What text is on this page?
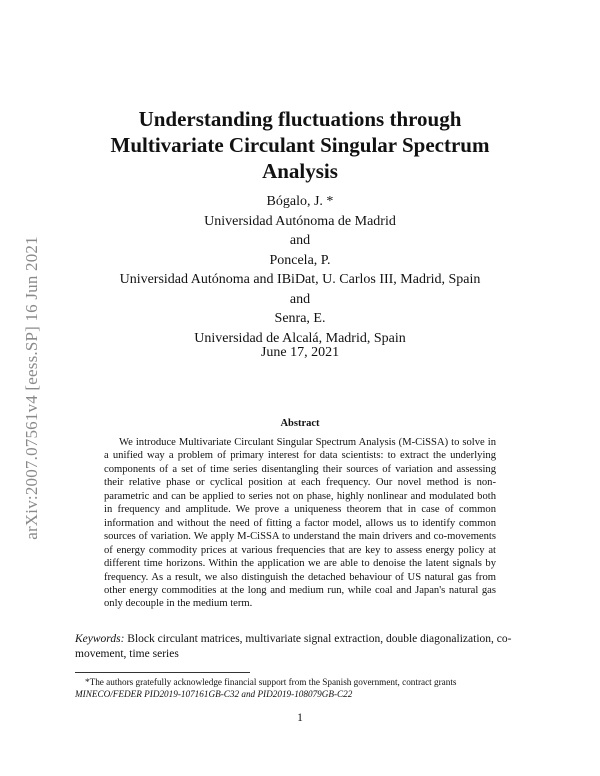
arXiv:2007.07561v4 [eess.SP] 16 Jun 2021
Understanding fluctuations through
Multivariate Circulant Singular Spectrum
Analysis
Bógalo, J. *
Universidad Autónoma de Madrid
and
Poncela, P.
Universidad Autónoma and IBiDat, U. Carlos III, Madrid, Spain
and
Senra, E.
Universidad de Alcalá, Madrid, Spain
June 17, 2021
Abstract

We introduce Multivariate Circulant Singular Spectrum Analysis (M-CiSSA) to solve in a unified way a problem of primary interest for data scientists: to extract the underlying components of a set of time series disentangling their sources of variation and assessing their relative phase or cyclical position at each frequency. Our novel method is non-parametric and can be applied to series not on phase, highly nonlinear and modulated both in frequency and amplitude. We prove a uniqueness theorem that in case of common information and without the need of fitting a factor model, allows us to identify common sources of variation. We apply M-CiSSA to understand the main drivers and co-movements of energy commodity prices at various frequencies that are key to assess energy policy at different time horizons. Within the application we are able to denoise the latent signals by frequency. As a result, we also distinguish the detached behaviour of US natural gas from other energy commodities at the long and medium run, while coal and Japan's natural gas only decouple in the medium term.

Keywords: Block circulant matrices, multivariate signal extraction, double diagonalization, co-movement, time series

*The authors gratefully acknowledge financial support from the Spanish government, contract grants
MINECO/FEDER PID2019-107161GB-C32 and PID2019-108079GB-C22

1
